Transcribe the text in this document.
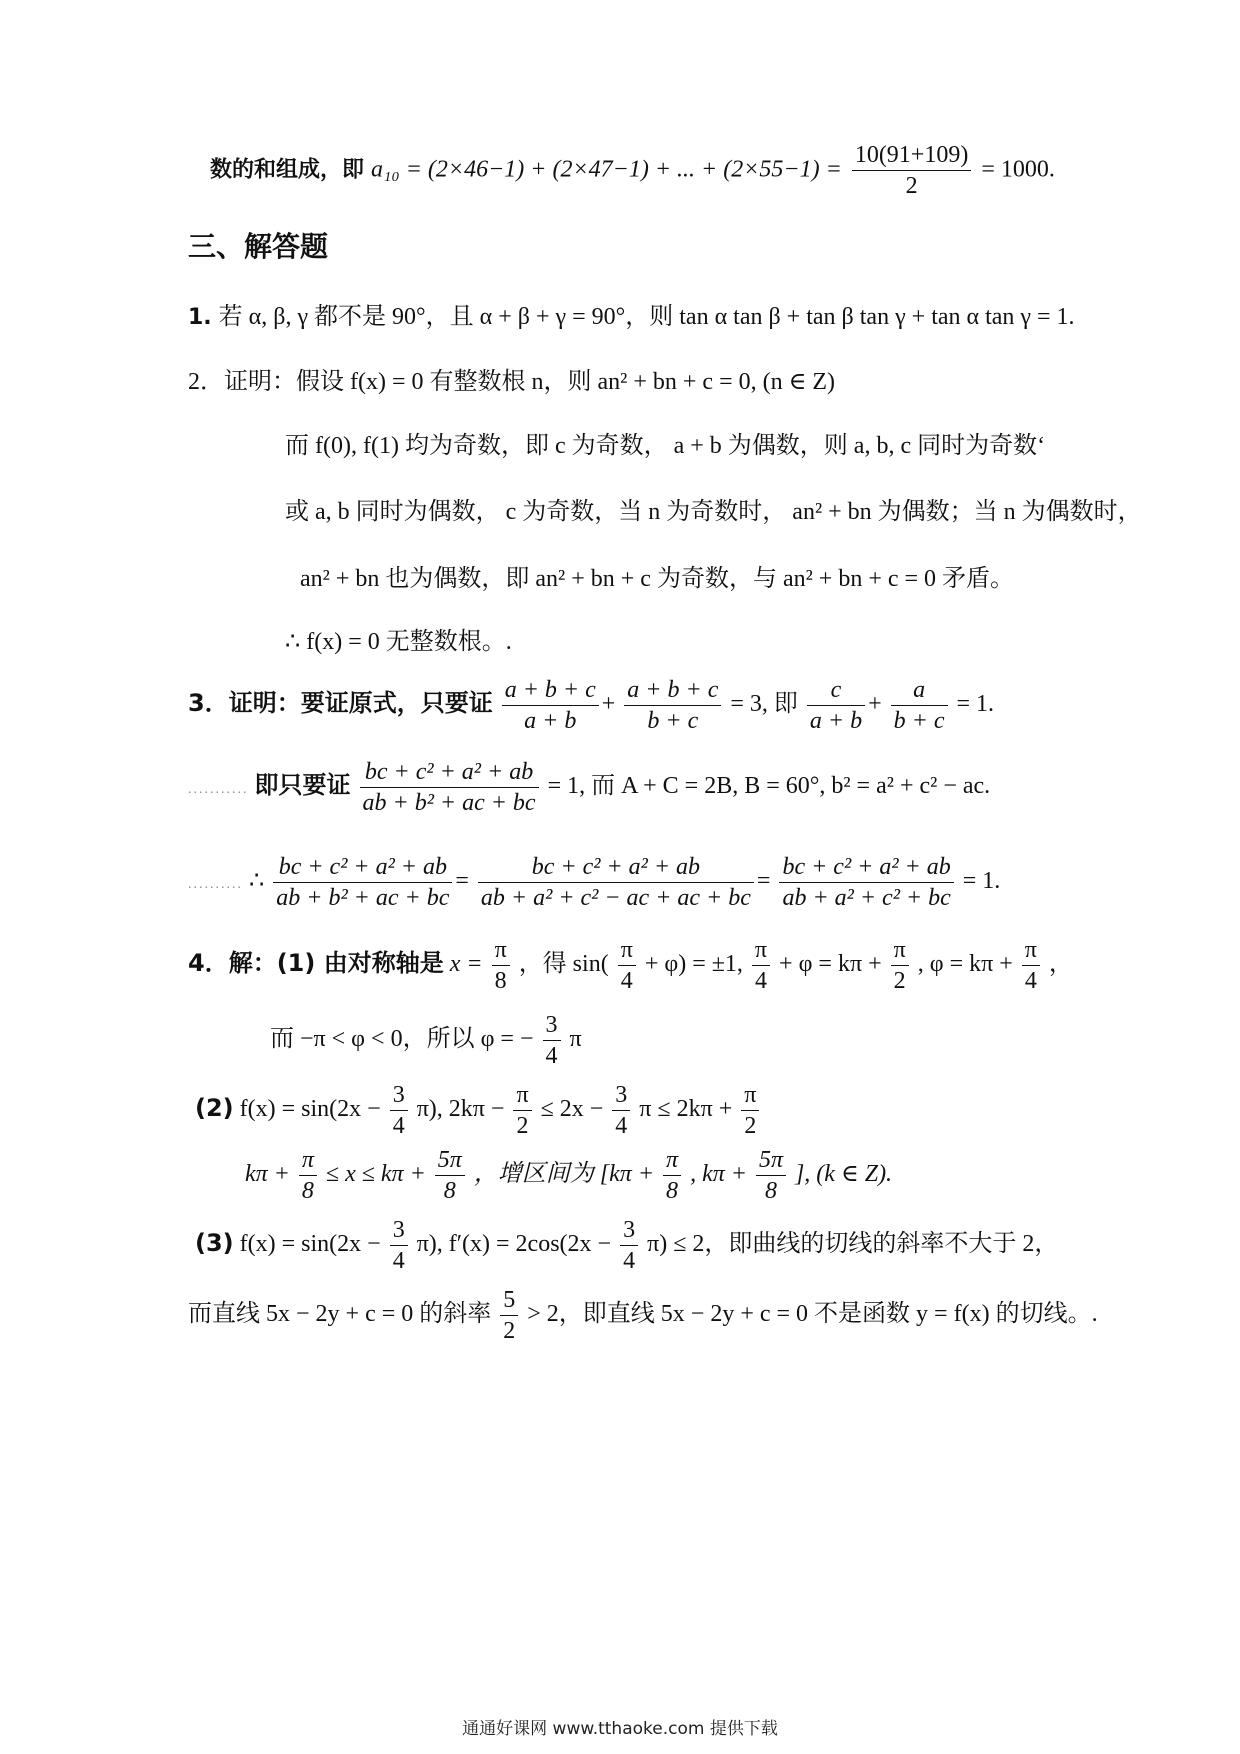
数的和组成，即 a₁₀ = (2×46−1) + (2×47−1) + ... + $(2\times 55-1) = \frac{10(91+109)}{2} = 1000$.
三、解答题
1. 若 α, β, γ 都不是 90°，且 α + β + γ = 90°，则 tan α tan β + tan β tan γ + tan α tan γ = 1.
2．证明：假设 f(x) = 0 有整数根 n，则 an² + bn + c = 0, (n ∈ Z)
而 f(0), f(1) 均为奇数，即 c 为奇数， a + b 为偶数，则 a, b, c 同时为奇数‘
或 a, b 同时为偶数， c 为奇数，当 n 为奇数时， an² + bn 为偶数；当 n 为偶数时，
an² + bn 也为偶数，即 an² + bn + c 为奇数，与 an² + bn + c = 0 矛盾。
∴ f(x) = 0 无整数根。.
3．证明：要证原式，只要证 $\frac{a + b + c}{a + b} + \frac{a + b + c}{b + c} = 3$, 即 $\frac{c}{a + b} + \frac{a}{b + c} = 1$.
........... 即只要证 $\frac{\text{bc + c² + a² + ab}}{\text{ab + b² + ac + bc}} = 1$, 而 A + C = 2B, B = 60°, b² = a² + c² − ac.
.......... ∴ $\frac{\text{bc + c² + a² + ab}}{\text{ab + b² + ac + bc}} = \frac{\text{bc + c² + a² + ab}}{\text{ab + a² + c² − ac + ac + bc}} = \frac{\text{bc + c² + a² + ab}}{\text{ab + a² + c² + bc}} = 1$.
4．解：(1) 由对称轴是 $x = \frac{\pi}{8}$ ，得 $\sin( \frac{\pi}{4} + \varphi) = \pm 1$, $\frac{\pi}{4} + \varphi = k\pi + \frac{\pi}{2}$ , $\varphi = k\pi + \frac{\pi}{4}$ ，
而 −π < φ < 0，所以 φ = − $\frac{3}{4}$ π
(2) $f(x) = \sin(2x - \frac{3}{4} \pi)$, $2k\pi - \frac{\pi}{2} \le 2x - \frac{3}{4}$ $\pi \le 2k\pi + \frac{\pi}{2}$
$k\pi + \frac{\pi}{8} \le x \le k\pi + \frac{5\pi}{8}$ ，增区间为 [$k\pi + \frac{\pi}{8}$ , $k\pi + \frac{5\pi}{8}$ ], (k ∈ Z).
(3) $f(x) = \sin(2x - \frac{3}{4} \pi)$, $f'(x) = 2\cos(2x - \frac{3}{4} \pi) \le 2$，即曲线的切线的斜率不大于 2，
而直线 5x − 2y + c = 0 的斜率 $\frac{5}{2} > 2$，即直线 5x − 2y + c = 0 不是函数 y = f(x) 的切线。.
通通好课网 www.tthaoke.com 提供下载
